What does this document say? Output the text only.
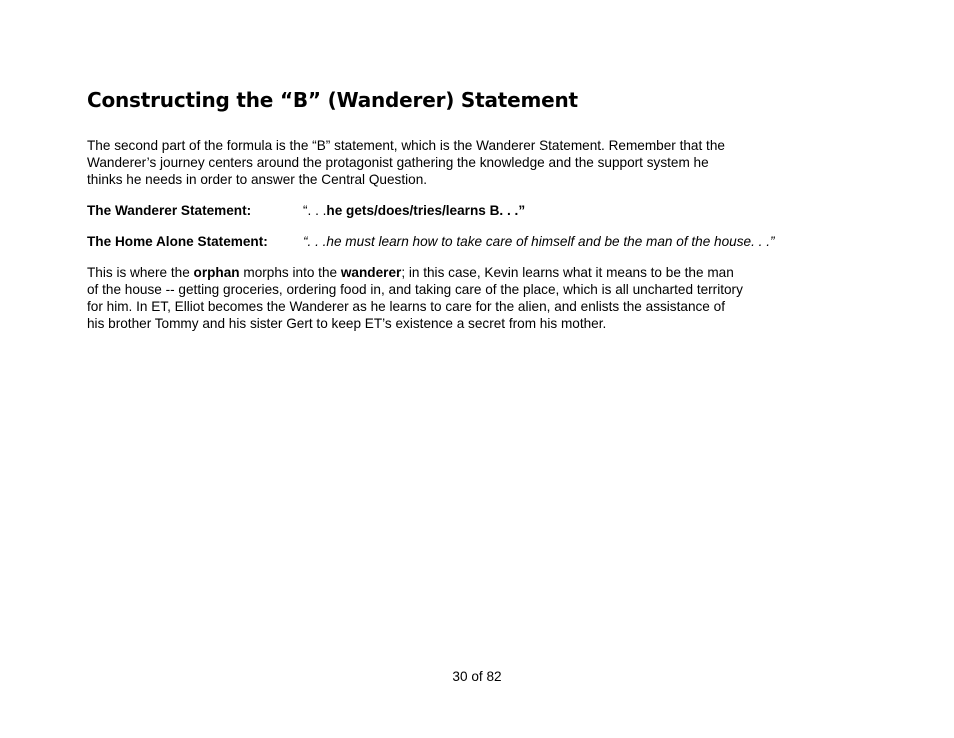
Constructing the “B” (Wanderer) Statement

The second part of the formula is the “B” statement, which is the Wanderer Statement. Remember that the
Wanderer’s journey centers around the protagonist gathering the knowledge and the support system he
thinks he needs in order to answer the Central Question.

The Wanderer Statement:	“. . .he gets/does/tries/learns B. . .”
The Home Alone Statement:	“. . .he must learn how to take care of himself and be the man of the house. . .”

This is where the orphan morphs into the wanderer; in this case, Kevin learns what it means to be the man
of the house -- getting groceries, ordering food in, and taking care of the place, which is all uncharted territory
for him. In ET, Elliot becomes the Wanderer as he learns to care for the alien, and enlists the assistance of
his brother Tommy and his sister Gert to keep ET’s existence a secret from his mother.

30 of 82
